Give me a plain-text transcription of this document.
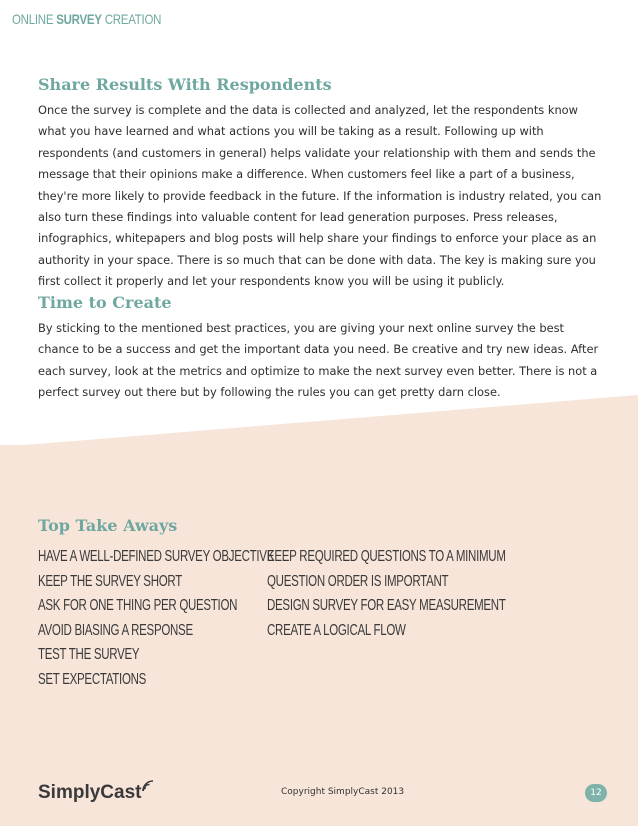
ONLINE SURVEY CREATION
Share Results With Respondents

Once the survey is complete and the data is collected and analyzed, let the respondents know what you have learned and what actions you will be taking as a result. Following up with respondents (and customers in general) helps validate your relationship with them and sends the message that their opinions make a difference. When customers feel like a part of a business, they're more likely to provide feedback in the future. If the information is industry related, you can also turn these findings into valuable content for lead generation purposes. Press releases, infographics, whitepapers and blog posts will help share your findings to enforce your place as an authority in your space. There is so much that can be done with data. The key is making sure you first collect it properly and let your respondents know you will be using it publicly.

Time to Create

By sticking to the mentioned best practices, you are giving your next online survey the best chance to be a success and get the important data you need. Be creative and try new ideas. After each survey, look at the metrics and optimize to make the next survey even better. There is not a perfect survey out there but by following the rules you can get pretty darn close.

Top Take Aways
HAVE A WELL-DEFINED SURVEY OBJECTIVE
KEEP THE SURVEY SHORT
ASK FOR ONE THING PER QUESTION
AVOID BIASING A RESPONSE
TEST THE SURVEY
SET EXPECTATIONS
KEEP REQUIRED QUESTIONS TO A MINIMUM
QUESTION ORDER IS IMPORTANT
DESIGN SURVEY FOR EASY MEASUREMENT
CREATE A LOGICAL FLOW
SimplyCast	Copyright SimplyCast 2013	12
